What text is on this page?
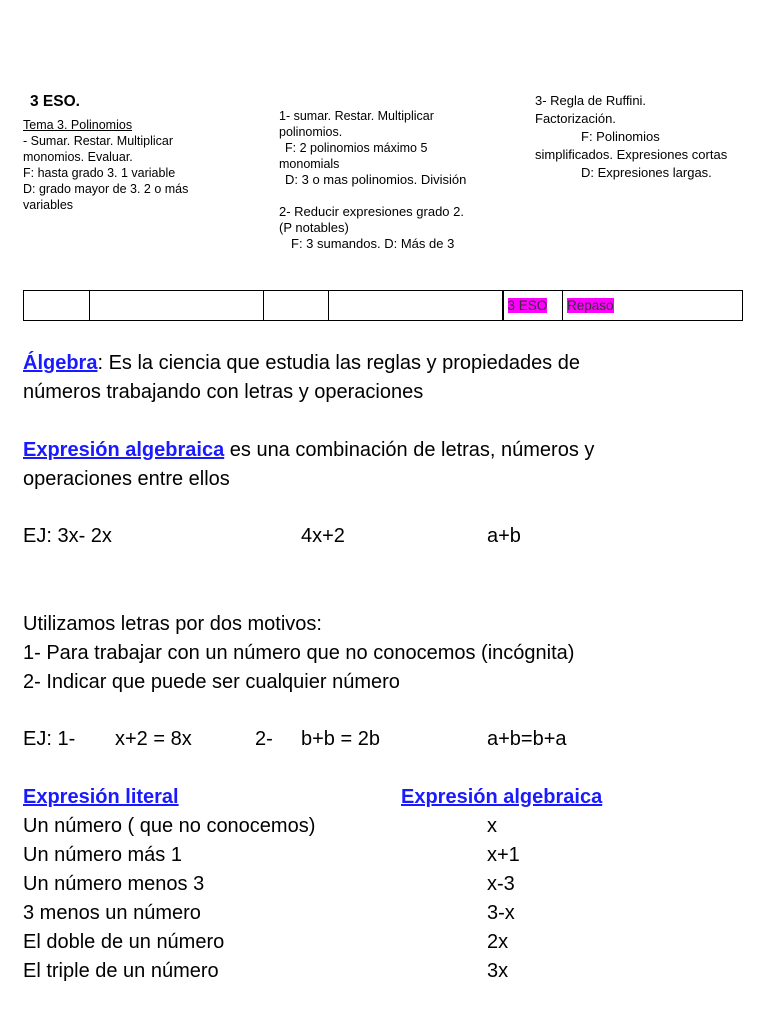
3 ESO.

Tema 3. Polinomios

- Sumar. Restar. Multiplicar

monomios. Evaluar.

F: hasta grado 3. 1 variable

D: grado mayor de 3. 2 o más

variables

1- sumar. Restar. Multiplicar

polinomios.

F: 2 polinomios máximo 5

monomials

D: 3 o mas polinomios. División

2- Reducir expresiones grado 2.

(P notables)

F: 3 sumandos. D: Más de 3

3- Regla de Ruffini.

Factorización.

F: Polinomios

simplificados. Expresiones cortas

D: Expresiones largas.

				3 ESO	Repaso

Álgebra: Es la ciencia que estudia las reglas y propiedades de

números trabajando con letras y operaciones

Expresión algebraica es una combinación de letras, números y

operaciones entre ellos

EJ: 3x- 2x	4x+2	a+b

Utilizamos letras por dos motivos:

1- Para trabajar con un número que no conocemos (incógnita)

2- Indicar que puede ser cualquier número

EJ: 1- x+2 = 8x	2- b+b = 2b	a+b=b+a
Expresión literal	Expresión algebraica
Un número ( que no conocemos)	x
Un número más 1	x+1
Un número menos 3	x-3
3 menos un número	3-x
El doble de un número	2x
El triple de un número	3x
